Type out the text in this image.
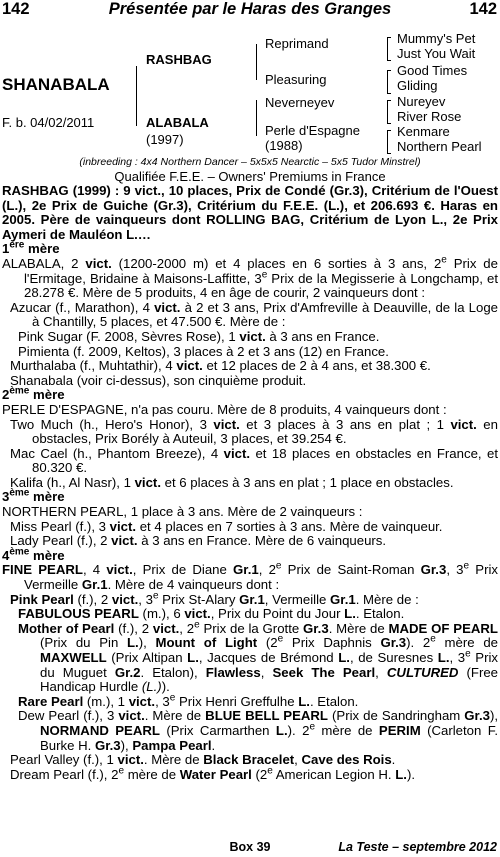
142	Présentée par le Haras des Granges	142
SHANABALA
F. b. 04/02/2011
RASHBAG
ALABALA
(1997)
Reprimand
Pleasuring
Neverneyev
Perle d'Espagne
(1988)
Mummy's Pet
Just You Wait
Good Times
Gliding
Nureyev
River Rose
Kenmare
Northern Pearl
(inbreeding : 4x4 Northern Dancer – 5x5x5 Nearctic – 5x5 Tudor Minstrel)
Qualifiée F.E.E. – Owners' Premiums in France

RASHBAG (1999) : 9 vict., 10 places, Prix de Condé (Gr.3), Critérium de l'Ouest (L.), 2e Prix de Guiche (Gr.3), Critérium du F.E.E. (L.), et 206.693 €. Haras en 2005. Père de vainqueurs dont ROLLING BAG, Critérium de Lyon L., 2e Prix Aymeri de Mauléon L.…

1ère mère

ALABALA, 2 vict. (1200-2000 m) et 4 places en 6 sorties à 3 ans, 2e Prix de l'Ermitage, Bridaine à Maisons-Laffitte, 3e Prix de la Megisserie à Longchamp, et 28.278 €. Mère de 5 produits, 4 en âge de courir, 2 vainqueurs dont :

Azucar (f., Marathon), 4 vict. à 2 et 3 ans, Prix d'Amfreville à Deauville, de la Loge à Chantilly, 5 places, et 47.500 €. Mère de :

Pink Sugar (F. 2008, Sèvres Rose), 1 vict. à 3 ans en France.

Pimienta (f. 2009, Keltos), 3 places à 2 et 3 ans (12) en France.

Murthalaba (f., Muhtathir), 4 vict. et 12 places de 2 à 4 ans, et 38.300 €.

Shanabala (voir ci-dessus), son cinquième produit.

2ème mère

PERLE D'ESPAGNE, n'a pas couru. Mère de 8 produits, 4 vainqueurs dont :

Two Much (h., Hero's Honor), 3 vict. et 3 places à 3 ans en plat ; 1 vict. en obstacles, Prix Borély à Auteuil, 3 places, et 39.254 €.

Mac Cael (h., Phantom Breeze), 4 vict. et 18 places en obstacles en France, et 80.320 €.

Kalifa (h., Al Nasr), 1 vict. et 6 places à 3 ans en plat ; 1 place en obstacles.

3ème mère

NORTHERN PEARL, 1 place à 3 ans. Mère de 2 vainqueurs :

Miss Pearl (f.), 3 vict. et 4 places en 7 sorties à 3 ans. Mère de vainqueur.

Lady Pearl (f.), 2 vict. à 3 ans en France. Mère de 6 vainqueurs.

4ème mère

FINE PEARL, 4 vict., Prix de Diane Gr.1, 2e Prix de Saint-Roman Gr.3, 3e Prix Vermeille Gr.1. Mère de 4 vainqueurs dont :

Pink Pearl (f.), 2 vict., 3e Prix St-Alary Gr.1, Vermeille Gr.1. Mère de :

FABULOUS PEARL (m.), 6 vict., Prix du Point du Jour L.. Etalon.

Mother of Pearl (f.), 2 vict., 2e Prix de la Grotte Gr.3. Mère de MADE OF PEARL (Prix du Pin L.), Mount of Light (2e Prix Daphnis Gr.3). 2e mère de MAXWELL (Prix Altipan L., Jacques de Brémond L., de Suresnes L., 3e Prix du Muguet Gr.2. Etalon), Flawless, Seek The Pearl, CULTURED (Free Handicap Hurdle (L.)).

Rare Pearl (m.), 1 vict., 3e Prix Henri Greffulhe L.. Etalon.

Dew Pearl (f.), 3 vict.. Mère de BLUE BELL PEARL (Prix de Sandringham Gr.3), NORMAND PEARL (Prix Carmarthen L.). 2e mère de PERIM (Carleton F. Burke H. Gr.3), Pampa Pearl.

Pearl Valley (f.), 1 vict.. Mère de Black Bracelet, Cave des Rois.

Dream Pearl (f.), 2e mère de Water Pearl (2e American Legion H. L.).

Box 39	La Teste – septembre 2012
